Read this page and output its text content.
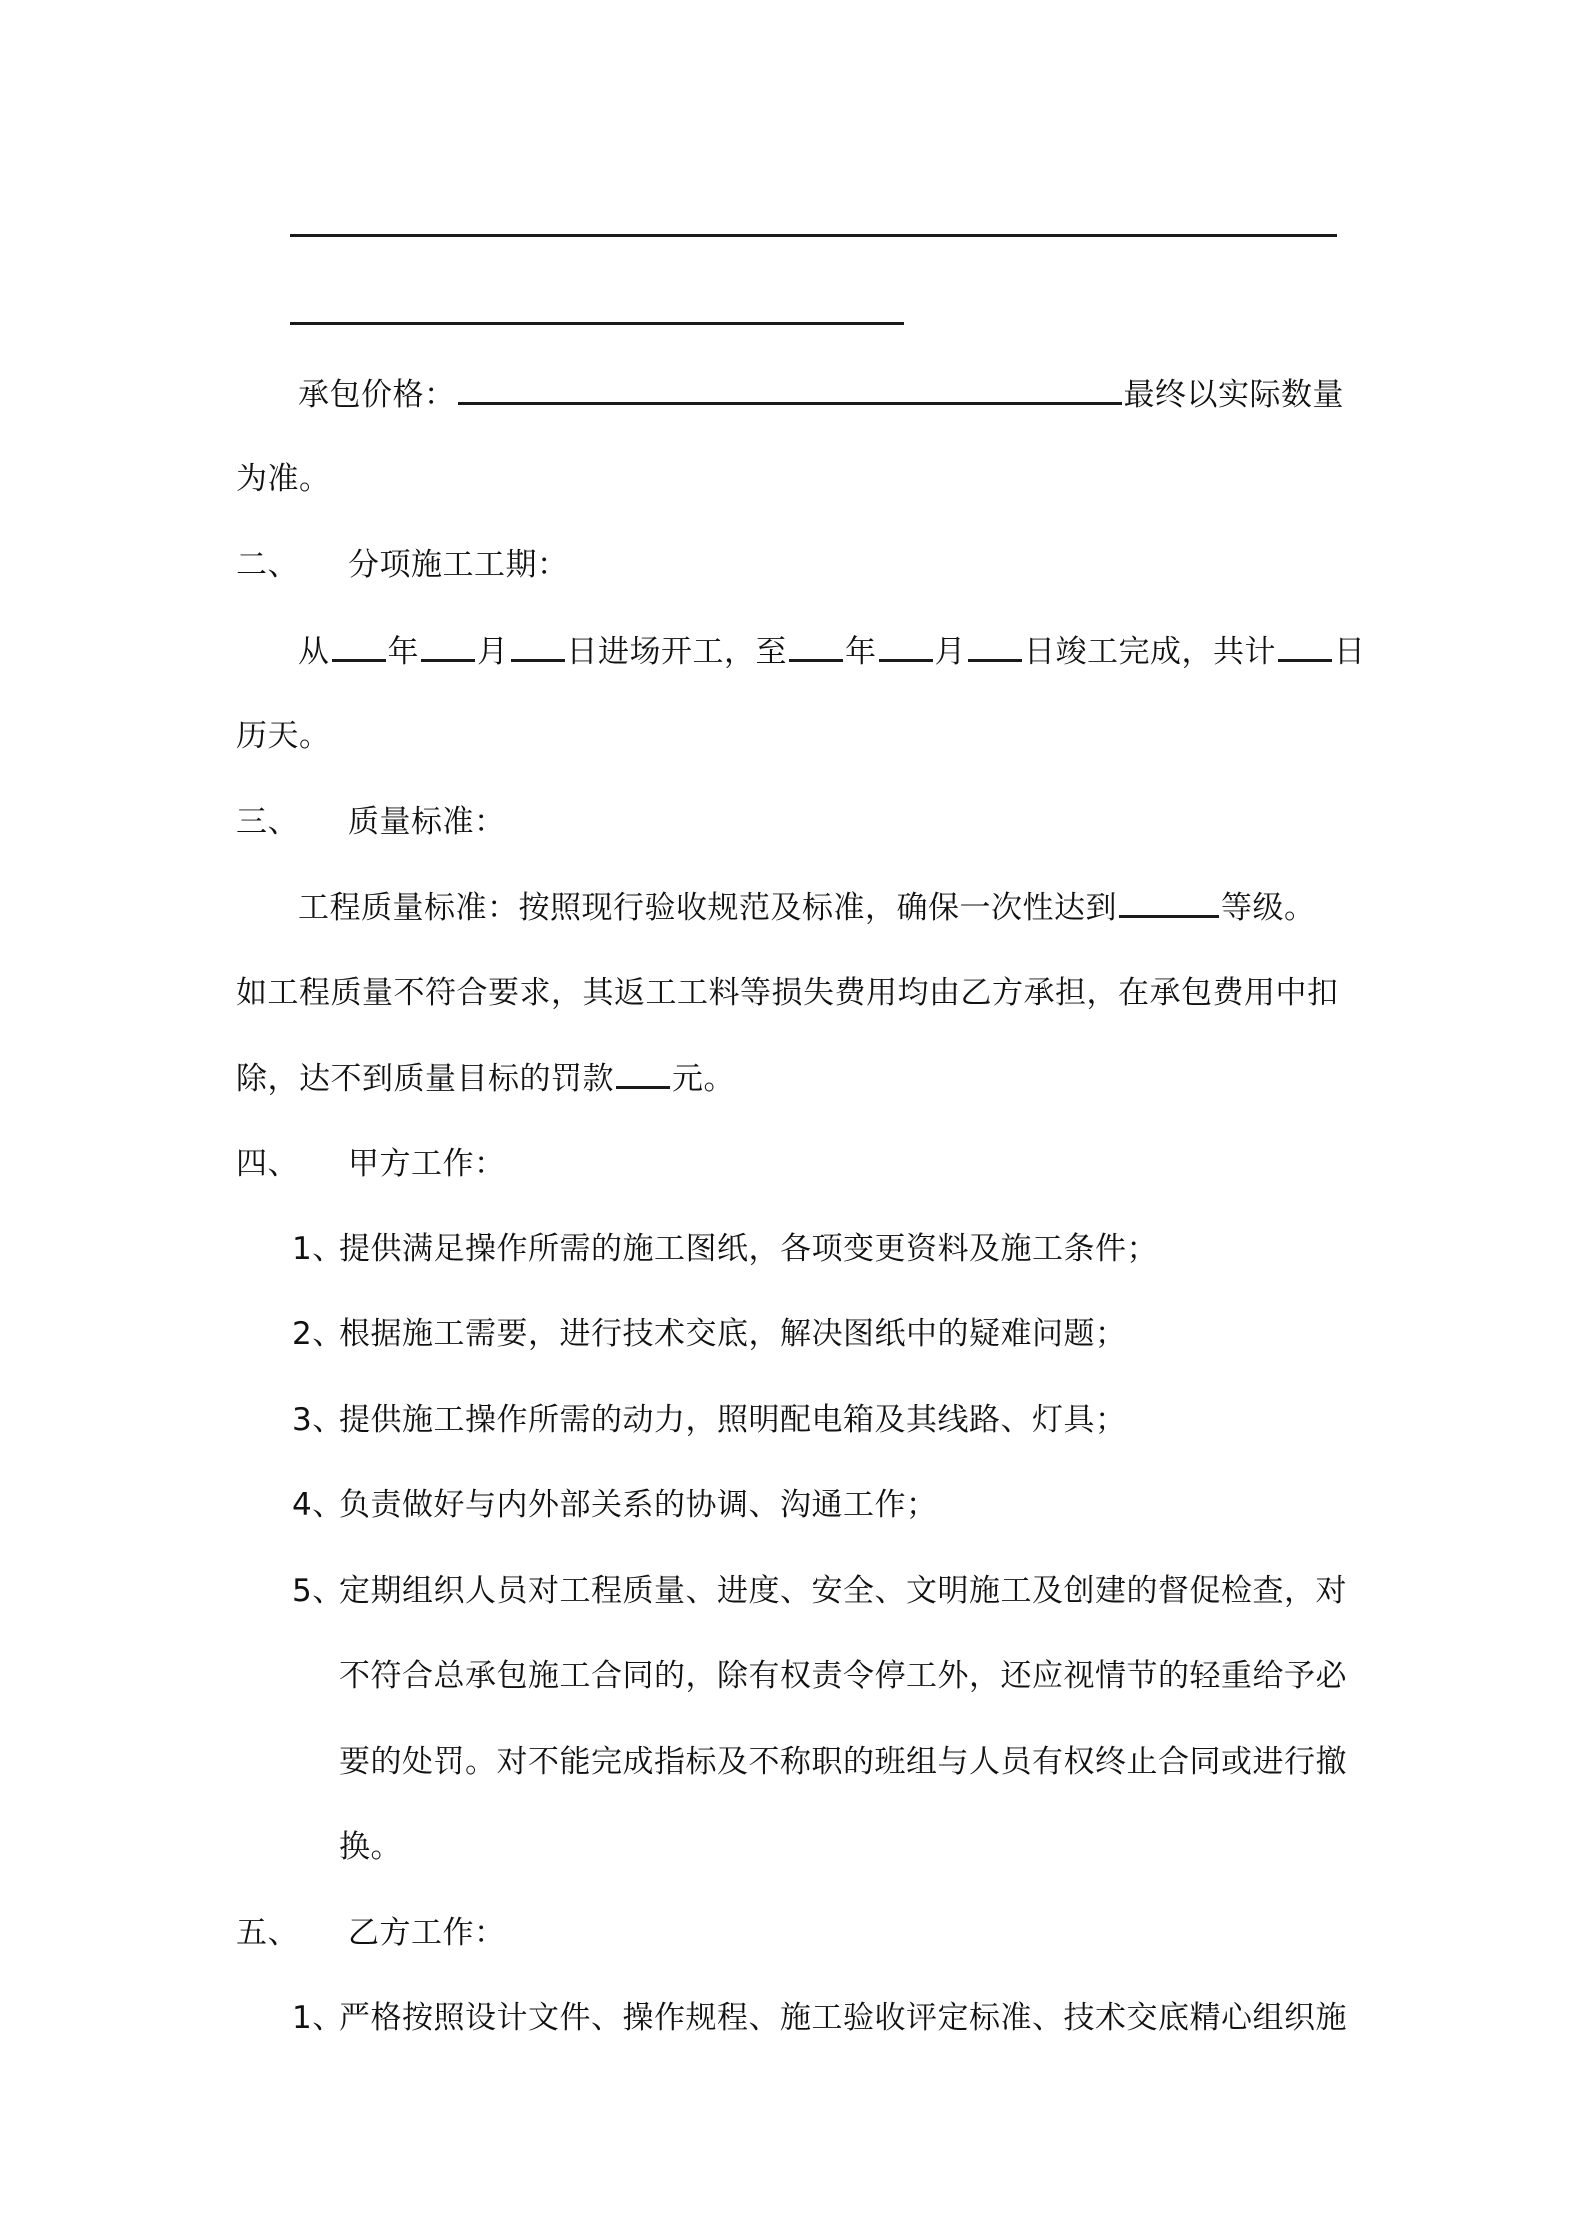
承包价格：	最终以实际数量
为准。
二、 分项施工工期：
从 年 月 日进场开工，至 年 月 日竣工完成，共计 日
历天。
三、 质量标准：
工程质量标准：按照现行验收规范及标准，确保一次性达到	等级。
如工程质量不符合要求，其返工工料等损失费用均由乙方承担，在承包费用中扣
除，达不到质量目标的罚款 元。
四、 甲方工作：
1、提供满足操作所需的施工图纸，各项变更资料及施工条件；
2、根据施工需要，进行技术交底，解决图纸中的疑难问题；
3、提供施工操作所需的动力，照明配电箱及其线路、灯具；
4、负责做好与内外部关系的协调、沟通工作；
5、定期组织人员对工程质量、进度、安全、文明施工及创建的督促检查，对
不符合总承包施工合同的，除有权责令停工外，还应视情节的轻重给予必
要的处罚。对不能完成指标及不称职的班组与人员有权终止合同或进行撤
换。
五、 乙方工作：
1、严格按照设计文件、操作规程、施工验收评定标准、技术交底精心组织施
